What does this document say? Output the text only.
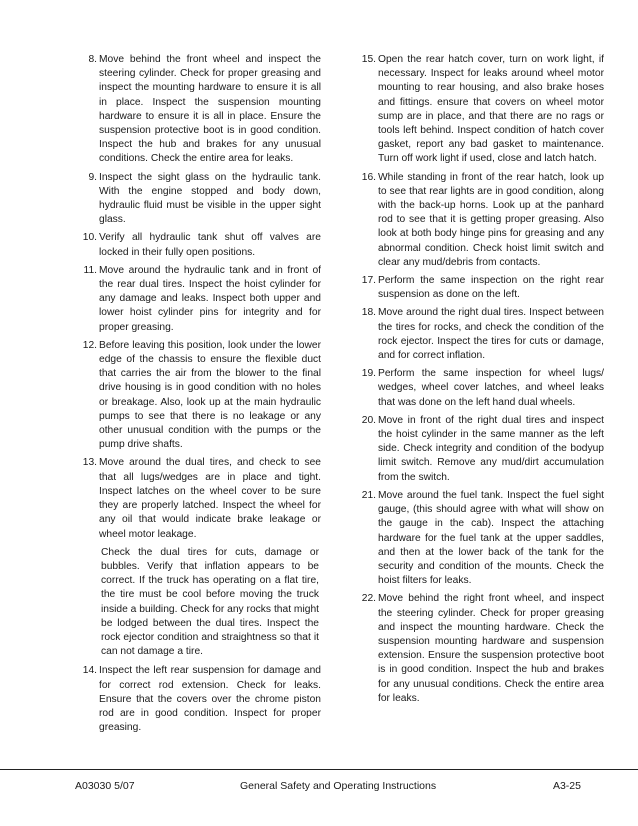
8. Move behind the front wheel and inspect the steering cylinder. Check for proper greasing and inspect the mounting hardware to ensure it is all in place. Inspect the suspension mounting hardware to ensure it is all in place. Ensure the suspension protective boot is in good condition. Inspect the hub and brakes for any unusual conditions. Check the entire area for leaks.
9. Inspect the sight glass on the hydraulic tank. With the engine stopped and body down, hydraulic fluid must be visible in the upper sight glass.
10. Verify all hydraulic tank shut off valves are locked in their fully open positions.
11. Move around the hydraulic tank and in front of the rear dual tires. Inspect the hoist cylinder for any damage and leaks. Inspect both upper and lower hoist cylinder pins for integrity and for proper greasing.
12. Before leaving this position, look under the lower edge of the chassis to ensure the flexible duct that carries the air from the blower to the final drive housing is in good condition with no holes or breakage. Also, look up at the main hydraulic pumps to see that there is no leakage or any other unusual condition with the pumps or the pump drive shafts.
13. Move around the dual tires, and check to see that all lugs/wedges are in place and tight. Inspect latches on the wheel cover to be sure they are properly latched. Inspect the wheel for any oil that would indicate brake leakage or wheel motor leakage.
Check the dual tires for cuts, damage or bubbles. Verify that inflation appears to be correct. If the truck has operating on a flat tire, the tire must be cool before moving the truck inside a building. Check for any rocks that might be lodged between the dual tires. Inspect the rock ejector condition and straightness so that it can not damage a tire.
14. Inspect the left rear suspension for damage and for correct rod extension. Check for leaks. Ensure that the covers over the chrome piston rod are in good condition. Inspect for proper greasing.
15. Open the rear hatch cover, turn on work light, if necessary. Inspect for leaks around wheel motor mounting to rear housing, and also brake hoses and fittings. ensure that covers on wheel motor sump are in place, and that there are no rags or tools left behind. Inspect condition of hatch cover gasket, report any bad gasket to maintenance. Turn off work light if used, close and latch hatch.
16. While standing in front of the rear hatch, look up to see that rear lights are in good condition, along with the back-up horns. Look up at the panhard rod to see that it is getting proper greasing. Also look at both body hinge pins for greasing and any abnormal condition. Check hoist limit switch and clear any mud/debris from contacts.
17. Perform the same inspection on the right rear suspension as done on the left.
18. Move around the right dual tires. Inspect between the tires for rocks, and check the condition of the rock ejector. Inspect the tires for cuts or damage, and for correct inflation.
19. Perform the same inspection for wheel lugs/ wedges, wheel cover latches, and wheel leaks that was done on the left hand dual wheels.
20. Move in front of the right dual tires and inspect the hoist cylinder in the same manner as the left side. Check integrity and condition of the bodyup limit switch. Remove any mud/dirt accumulation from the switch.
21. Move around the fuel tank. Inspect the fuel sight gauge, (this should agree with what will show on the gauge in the cab). Inspect the attaching hardware for the fuel tank at the upper saddles, and then at the lower back of the tank for the security and condition of the mounts. Check the hoist filters for leaks.
22. Move behind the right front wheel, and inspect the steering cylinder. Check for proper greasing and inspect the mounting hardware. Check the suspension mounting hardware and suspension extension. Ensure the suspension protective boot is in good condition. Inspect the hub and brakes for any unusual conditions. Check the entire area for leaks.
A03030 5/07	General Safety and Operating Instructions	A3-25
